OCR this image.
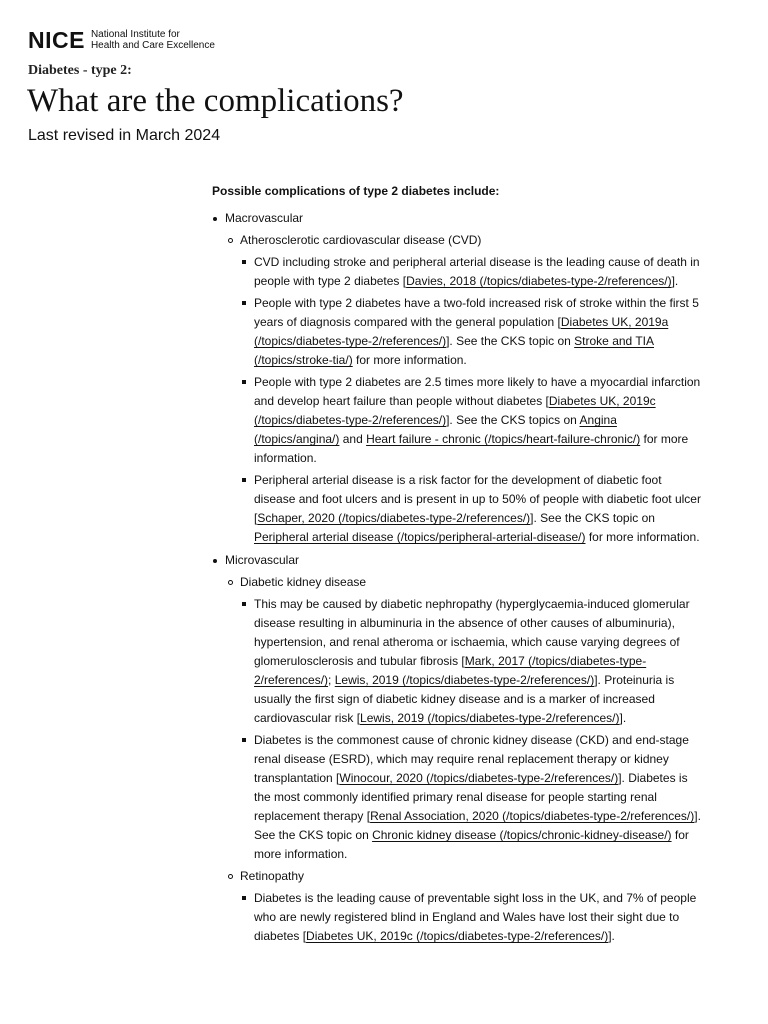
NICE National Institute for
Health and Care Excellence
Diabetes - type 2:
What are the complications?
Last revised in March 2024

Possible complications of type 2 diabetes include:

Macrovascular
Atherosclerotic cardiovascular disease (CVD)
CVD including stroke and peripheral arterial disease is the leading cause of death in people with type 2 diabetes [Davies, 2018 (/topics/diabetes-type-2/references/)].
People with type 2 diabetes have a two-fold increased risk of stroke within the first 5 years of diagnosis compared with the general population [Diabetes UK, 2019a (/topics/diabetes-type-2/references/)]. See the CKS topic on Stroke and TIA (/topics/stroke-tia/) for more information.
People with type 2 diabetes are 2.5 times more likely to have a myocardial infarction and develop heart failure than people without diabetes [Diabetes UK, 2019c (/topics/diabetes-type-2/references/)]. See the CKS topics on Angina (/topics/angina/) and Heart failure - chronic (/topics/heart-failure-chronic/) for more information.
Peripheral arterial disease is a risk factor for the development of diabetic foot disease and foot ulcers and is present in up to 50% of people with diabetic foot ulcer [Schaper, 2020 (/topics/diabetes-type-2/references/)]. See the CKS topic on Peripheral arterial disease (/topics/peripheral-arterial-disease/) for more information.
Microvascular
Diabetic kidney disease
This may be caused by diabetic nephropathy (hyperglycaemia-induced glomerular disease resulting in albuminuria in the absence of other causes of albuminuria), hypertension, and renal atheroma or ischaemia, which cause varying degrees of glomerulosclerosis and tubular fibrosis [Mark, 2017 (/topics/diabetes-type-2/references/); Lewis, 2019 (/topics/diabetes-type-2/references/)]. Proteinuria is usually the first sign of diabetic kidney disease and is a marker of increased cardiovascular risk [Lewis, 2019 (/topics/diabetes-type-2/references/)].
Diabetes is the commonest cause of chronic kidney disease (CKD) and end-stage renal disease (ESRD), which may require renal replacement therapy or kidney transplantation [Winocour, 2020 (/topics/diabetes-type-2/references/)]. Diabetes is the most commonly identified primary renal disease for people starting renal replacement therapy [Renal Association, 2020 (/topics/diabetes-type-2/references/)]. See the CKS topic on Chronic kidney disease (/topics/chronic-kidney-disease/) for more information.
Retinopathy
Diabetes is the leading cause of preventable sight loss in the UK, and 7% of people who are newly registered blind in England and Wales have lost their sight due to diabetes [Diabetes UK, 2019c (/topics/diabetes-type-2/references/)].
